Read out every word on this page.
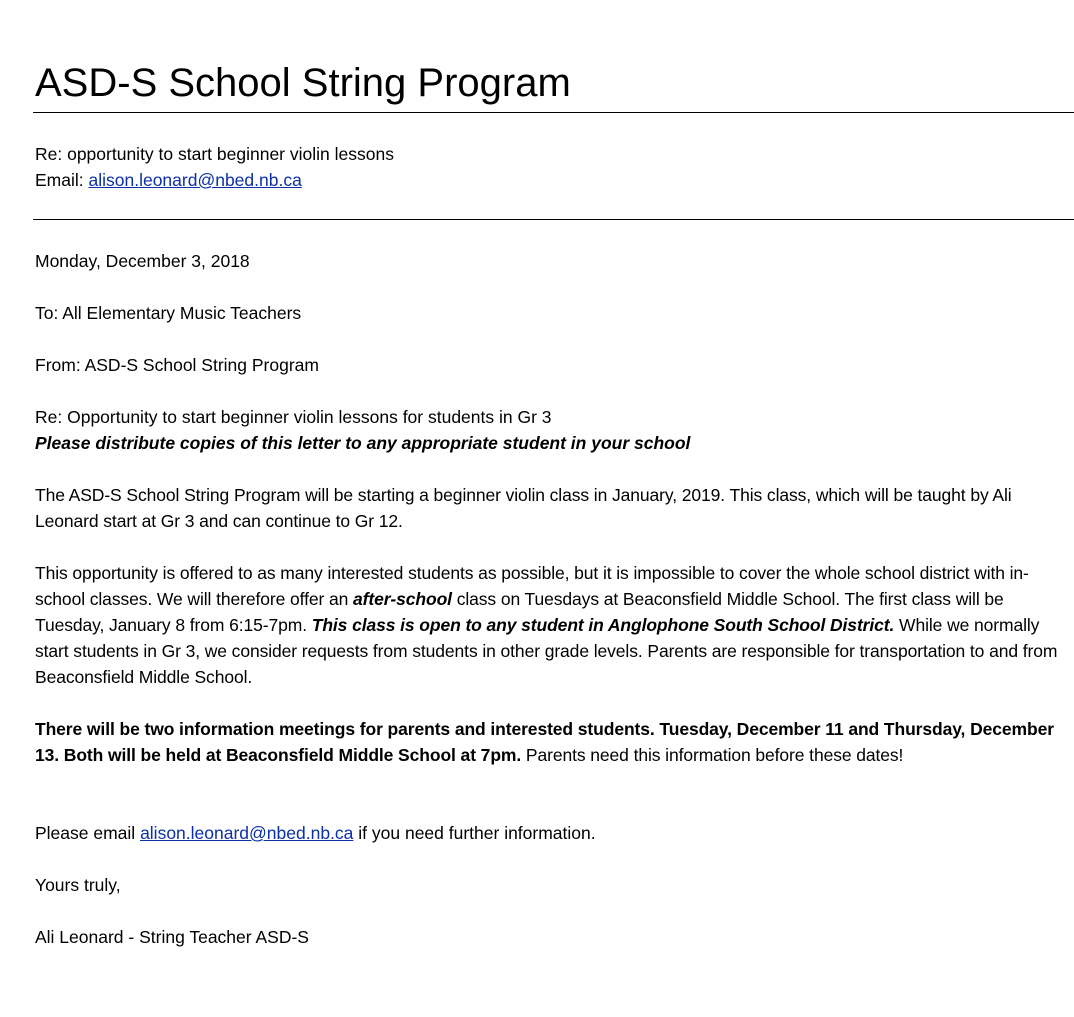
ASD-S School String Program
Re: opportunity to start beginner violin lessons
Email: alison.leonard@nbed.nb.ca
Monday, December 3, 2018
To: All Elementary Music Teachers
From: ASD-S School String Program
Re: Opportunity to start beginner violin lessons for students in Gr 3
Please distribute copies of this letter to any appropriate student in your school
The ASD-S School String Program will be starting a beginner violin class in January, 2019. This class, which will be taught by Ali Leonard start at Gr 3 and can continue to Gr 12.
This opportunity is offered to as many interested students as possible, but it is impossible to cover the whole school district with in-school classes. We will therefore offer an after-school class on Tuesdays at Beaconsfield Middle School. The first class will be Tuesday, January 8 from 6:15-7pm. This class is open to any student in Anglophone South School District. While we normally start students in Gr 3, we consider requests from students in other grade levels. Parents are responsible for transportation to and from Beaconsfield Middle School.
There will be two information meetings for parents and interested students. Tuesday, December 11 and Thursday, December 13. Both will be held at Beaconsfield Middle School at 7pm. Parents need this information before these dates!
Please email alison.leonard@nbed.nb.ca if you need further information.
Yours truly,
Ali Leonard - String Teacher ASD-S
